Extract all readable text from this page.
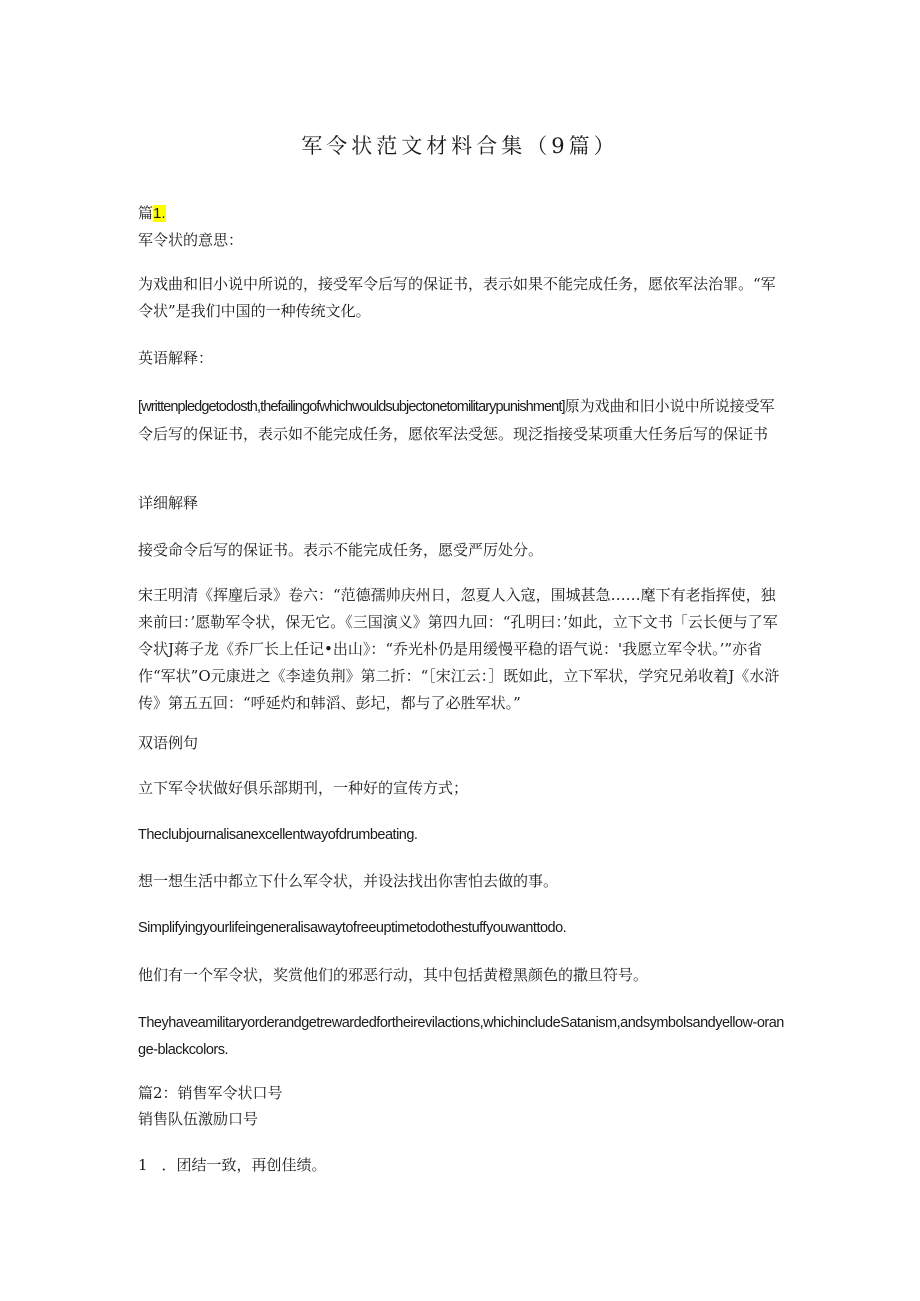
军令状范文材料合集（9篇）

篇1.

军令状的意思：

为戏曲和旧小说中所说的，接受军令后写的保证书，表示如果不能完成任务，愿依军法治罪。“军令状”是我们中国的一种传统文化。

英语解释：

[writtenpledgetodosth,thefailingofwhichwouldsubjectonetomilitarypunishment]原为戏曲和旧小说中所说接受军令后写的保证书，表示如不能完成任务，愿依军法受惩。现泛指接受某项重大任务后写的保证书

详细解释

接受命令后写的保证书。表示不能完成任务，愿受严厉处分。

宋王明清《挥麈后录》卷六：“范德孺帅庆州日，忽夏人入寇，围城甚急……麾下有老指挥使，独来前曰：’愿勒军令状，保无它。《三国演义》第四九回：“孔明曰：’如此，立下文书「云长便与了军令状J蒋子龙《乔厂长上任记•出山》：“乔光朴仍是用缓慢平稳的语气说：'我愿立军令状。’”亦省作“军状”O元康进之《李逵负荆》第二折：“［宋江云：］既如此，立下军状，学究兄弟收着J《水浒传》第五五回：“呼延灼和韩滔、彭圮，都与了必胜军状。”

双语例句

立下军令状做好俱乐部期刊，一种好的宣传方式；

Theclubjournalisanexcellentwayofdrumbeating.

想一想生活中都立下什么军令状，并设法找出你害怕去做的事。

Simplifyingyourlifeingeneralisawaytofreeuptimetodothestuffyouwanttodo.

他们有一个军令状，奖赏他们的邪恶行动，其中包括黄橙黑颜色的撒旦符号。

Theyhaveamilitaryorderandgetrewardedfortheirevilactions,whichincludeSatanism,andsymbolsandyellow-orange-blackcolors.

篇2：销售军令状口号

销售队伍激励口号

1 ．团结一致，再创佳绩。
